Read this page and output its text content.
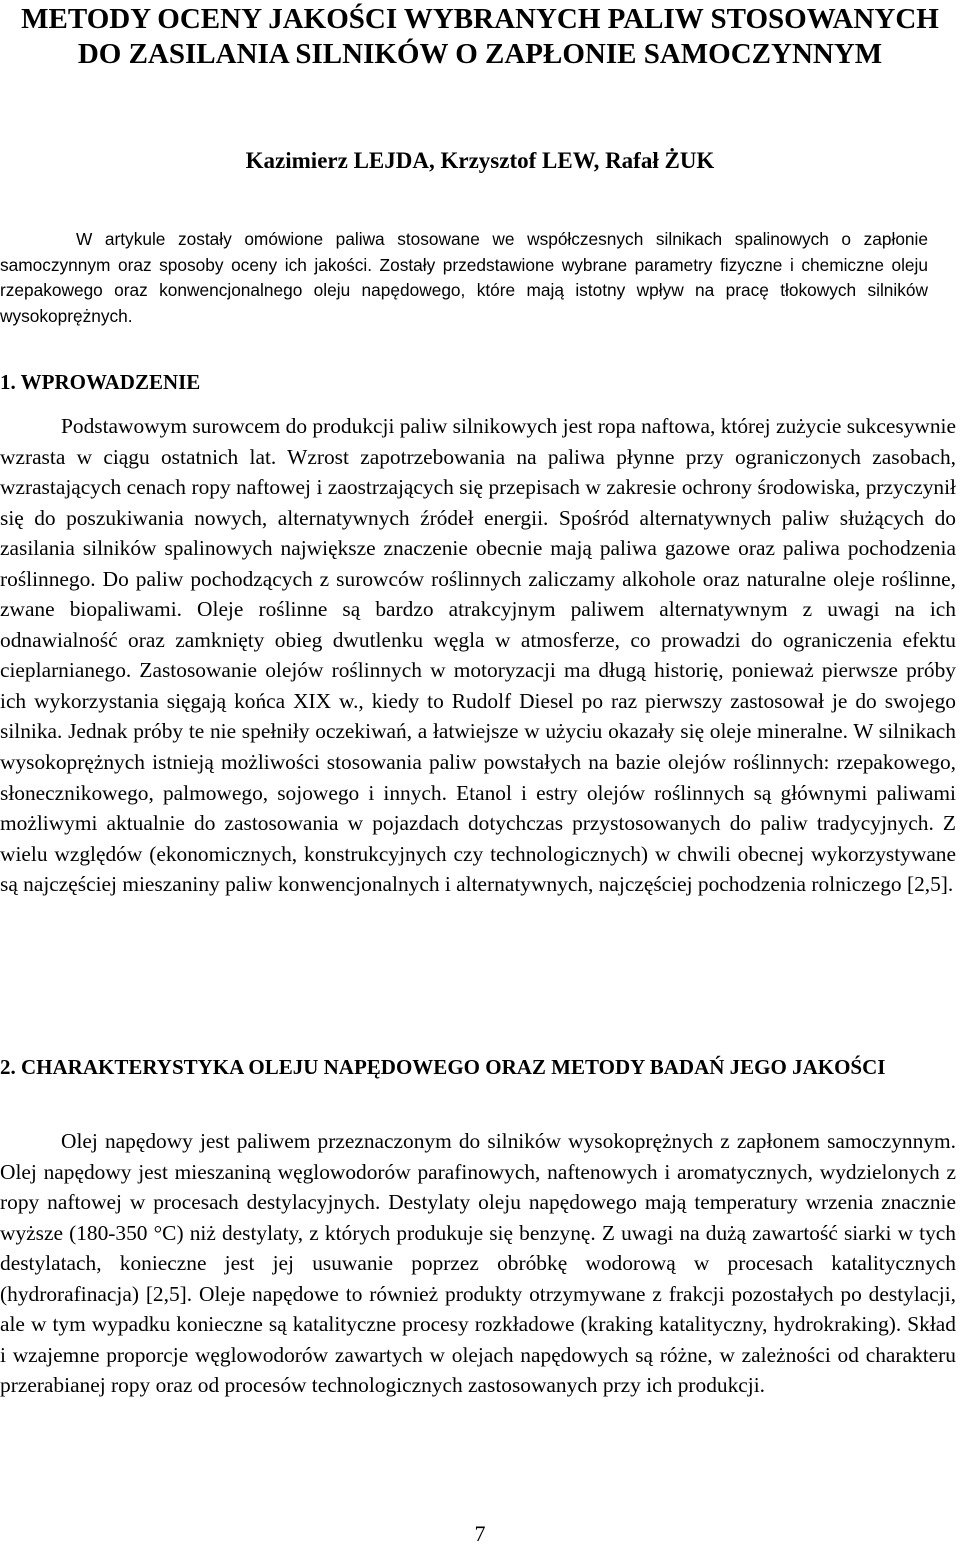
METODY OCENY JAKOŚCI WYBRANYCH PALIW STOSOWANYCH DO ZASILANIA SILNIKÓW O ZAPŁONIE SAMOCZYNNYM

Kazimierz LEJDA, Krzysztof LEW, Rafał ŻUK

W artykule zostały omówione paliwa stosowane we współczesnych silnikach spalinowych o zapłonie samoczynnym oraz sposoby oceny ich jakości. Zostały przedstawione wybrane parametry fizyczne i chemiczne oleju rzepakowego oraz konwencjonalnego oleju napędowego, które mają istotny wpływ na pracę tłokowych silników wysokoprężnych.

1. WPROWADZENIE

Podstawowym surowcem do produkcji paliw silnikowych jest ropa naftowa, której zużycie sukcesywnie wzrasta w ciągu ostatnich lat. Wzrost zapotrzebowania na paliwa płynne przy ograniczonych zasobach, wzrastających cenach ropy naftowej i zaostrzających się przepisach w zakresie ochrony środowiska, przyczynił się do poszukiwania nowych, alternatywnych źródeł energii. Spośród alternatywnych paliw służących do zasilania silników spalinowych największe znaczenie obecnie mają paliwa gazowe oraz paliwa pochodzenia roślinnego. Do paliw pochodzących z surowców roślinnych zaliczamy alkohole oraz naturalne oleje roślinne, zwane biopaliwami. Oleje roślinne są bardzo atrakcyjnym paliwem alternatywnym z uwagi na ich odnawialność oraz zamknięty obieg dwutlenku węgla w atmosferze, co prowadzi do ograniczenia efektu cieplarnianego. Zastosowanie olejów roślinnych w motoryzacji ma długą historię, ponieważ pierwsze próby ich wykorzystania sięgają końca XIX w., kiedy to Rudolf Diesel po raz pierwszy zastosował je do swojego silnika. Jednak próby te nie spełniły oczekiwań, a łatwiejsze w użyciu okazały się oleje mineralne. W silnikach wysokoprężnych istnieją możliwości stosowania paliw powstałych na bazie olejów roślinnych: rzepakowego, słonecznikowego, palmowego, sojowego i innych. Etanol i estry olejów roślinnych są głównymi paliwami możliwymi aktualnie do zastosowania w pojazdach dotychczas przystosowanych do paliw tradycyjnych. Z wielu względów (ekonomicznych, konstrukcyjnych czy technologicznych) w chwili obecnej wykorzystywane są najczęściej mieszaniny paliw konwencjonalnych i alternatywnych, najczęściej pochodzenia rolniczego [2,5].

2. CHARAKTERYSTYKA OLEJU NAPĘDOWEGO ORAZ METODY BADAŃ JEGO JAKOŚCI

Olej napędowy jest paliwem przeznaczonym do silników wysokoprężnych z zapłonem samoczynnym. Olej napędowy jest mieszaniną węglowodorów parafinowych, naftenowych i aromatycznych, wydzielonych z ropy naftowej w procesach destylacyjnych. Destylaty oleju napędowego mają temperatury wrzenia znacznie wyższe (180-350 °C) niż destylaty, z których produkuje się benzynę. Z uwagi na dużą zawartość siarki w tych destylatach, konieczne jest jej usuwanie poprzez obróbkę wodorową w procesach katalitycznych (hydrorafinacja) [2,5]. Oleje napędowe to również produkty otrzymywane z frakcji pozostałych po destylacji, ale w tym wypadku konieczne są katalityczne procesy rozkładowe (kraking katalityczny, hydrokraking). Skład i wzajemne proporcje węglowodorów zawartych w olejach napędowych są różne, w zależności od charakteru przerabianej ropy oraz od procesów technologicznych zastosowanych przy ich produkcji.

7
